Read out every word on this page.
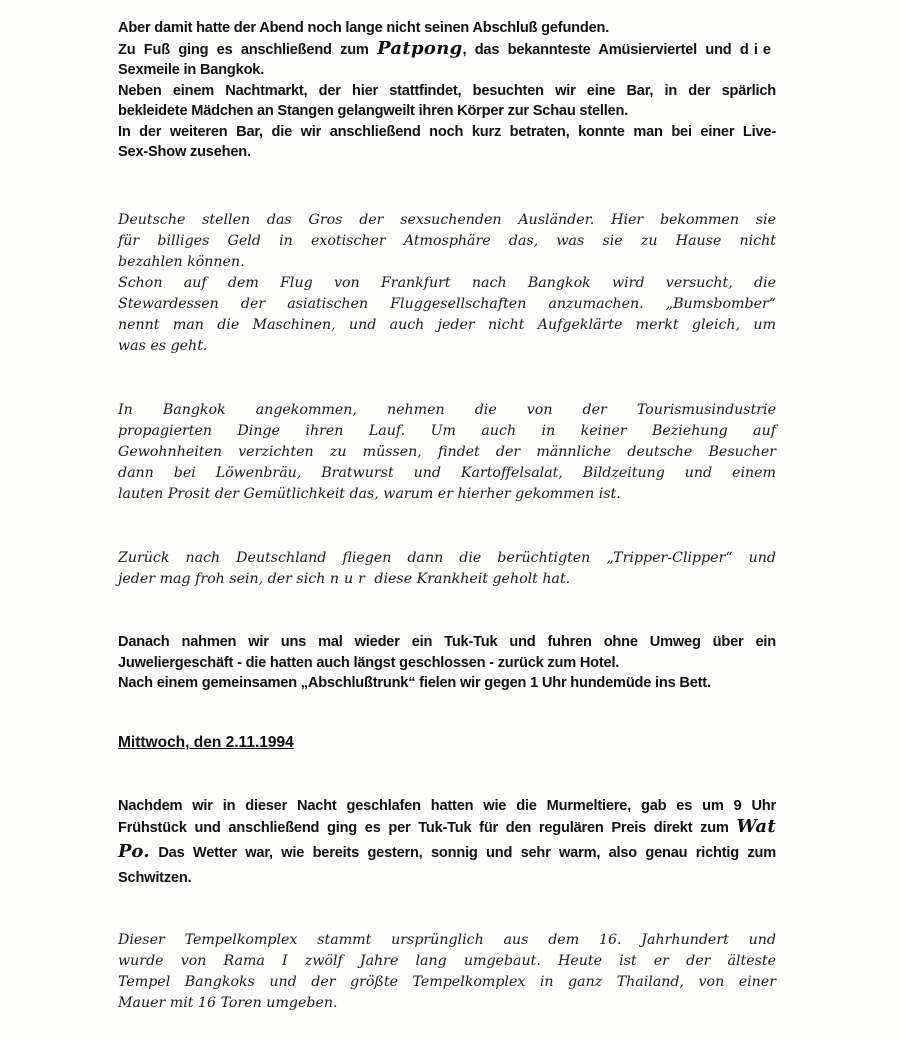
Aber damit hatte der Abend noch lange nicht seinen Abschluß gefunden.
Zu Fuß ging es anschließend zum Patpong, das bekannteste Amüsierviertel und die
Sexmeile in Bangkok.
Neben einem Nachtmarkt, der hier stattfindet, besuchten wir eine Bar, in der spärlich
bekleidete Mädchen an Stangen gelangweilt ihren Körper zur Schau stellen.
In der weiteren Bar, die wir anschließend noch kurz betraten, konnte man bei einer Live-
Sex-Show zusehen.
Deutsche stellen das Gros der sexsuchenden Ausländer. Hier bekommen sie
für billiges Geld in exotischer Atmosphäre das, was sie zu Hause nicht
bezahlen können.
Schon auf dem Flug von Frankfurt nach Bangkok wird versucht, die
Stewardessen der asiatischen Fluggesellschaften anzumachen. „Bumsbomber“
nennt man die Maschinen, und auch jeder nicht Aufgeklärte merkt gleich, um
was es geht.
In Bangkok angekommen, nehmen die von der Tourismusindustrie
propagierten Dinge ihren Lauf. Um auch in keiner Beziehung auf
Gewohnheiten verzichten zu müssen, findet der männliche deutsche Besucher
dann bei Löwenbräu, Bratwurst und Kartoffelsalat, Bildzeitung und einem
lauten Prosit der Gemütlichkeit das, warum er hierher gekommen ist.
Zurück nach Deutschland fliegen dann die berüchtigten „Tripper-Clipper“ und
jeder mag froh sein, der sich nur diese Krankheit geholt hat.
Danach nahmen wir uns mal wieder ein Tuk-Tuk und fuhren ohne Umweg über ein
Juweliergeschäft - die hatten auch längst geschlossen - zurück zum Hotel.
Nach einem gemeinsamen „Abschlußtrunk“ fielen wir gegen 1 Uhr hundemüde ins Bett.
Mittwoch, den 2.11.1994
Nachdem wir in dieser Nacht geschlafen hatten wie die Murmeltiere, gab es um 9 Uhr
Frühstück und anschließend ging es per Tuk-Tuk für den regulären Preis direkt zum Wat
Po. Das Wetter war, wie bereits gestern, sonnig und sehr warm, also genau richtig zum
Schwitzen.
Dieser Tempelkomplex stammt ursprünglich aus dem 16. Jahrhundert und
wurde von Rama I zwölf Jahre lang umgebaut. Heute ist er der älteste
Tempel Bangkoks und der größte Tempelkomplex in ganz Thailand, von einer
Mauer mit 16 Toren umgeben.
